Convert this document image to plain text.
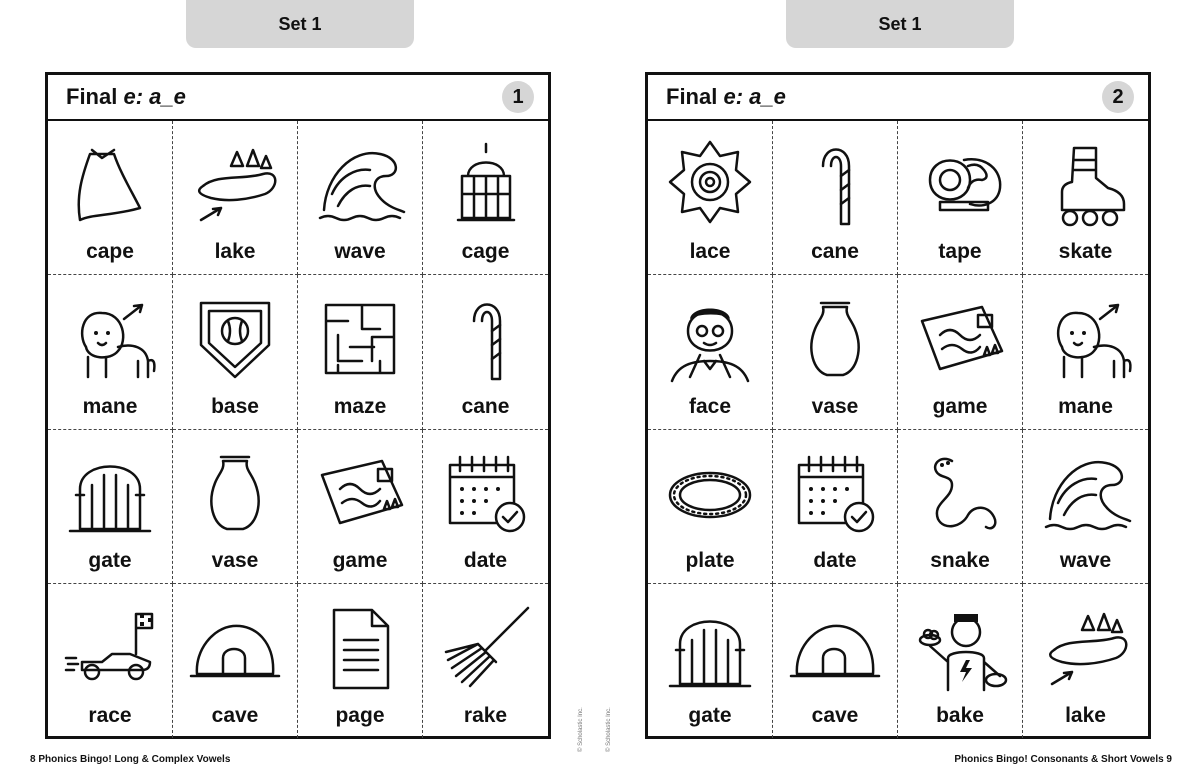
Set 1
Final e: a_e	1
cape	lake	wave	cage
mane	base	maze	cane
gate	vase	game	date
race	cave	page	rake
Set 1
Final e: a_e	2
lace	cane	tape	skate
face	vase	game	mane
plate	date	snake	wave
gate	cave	bake	lake
© Scholastic Inc.	© Scholastic Inc.
8 Phonics Bingo! Long & Complex Vowels	Phonics Bingo! Consonants & Short Vowels 9
